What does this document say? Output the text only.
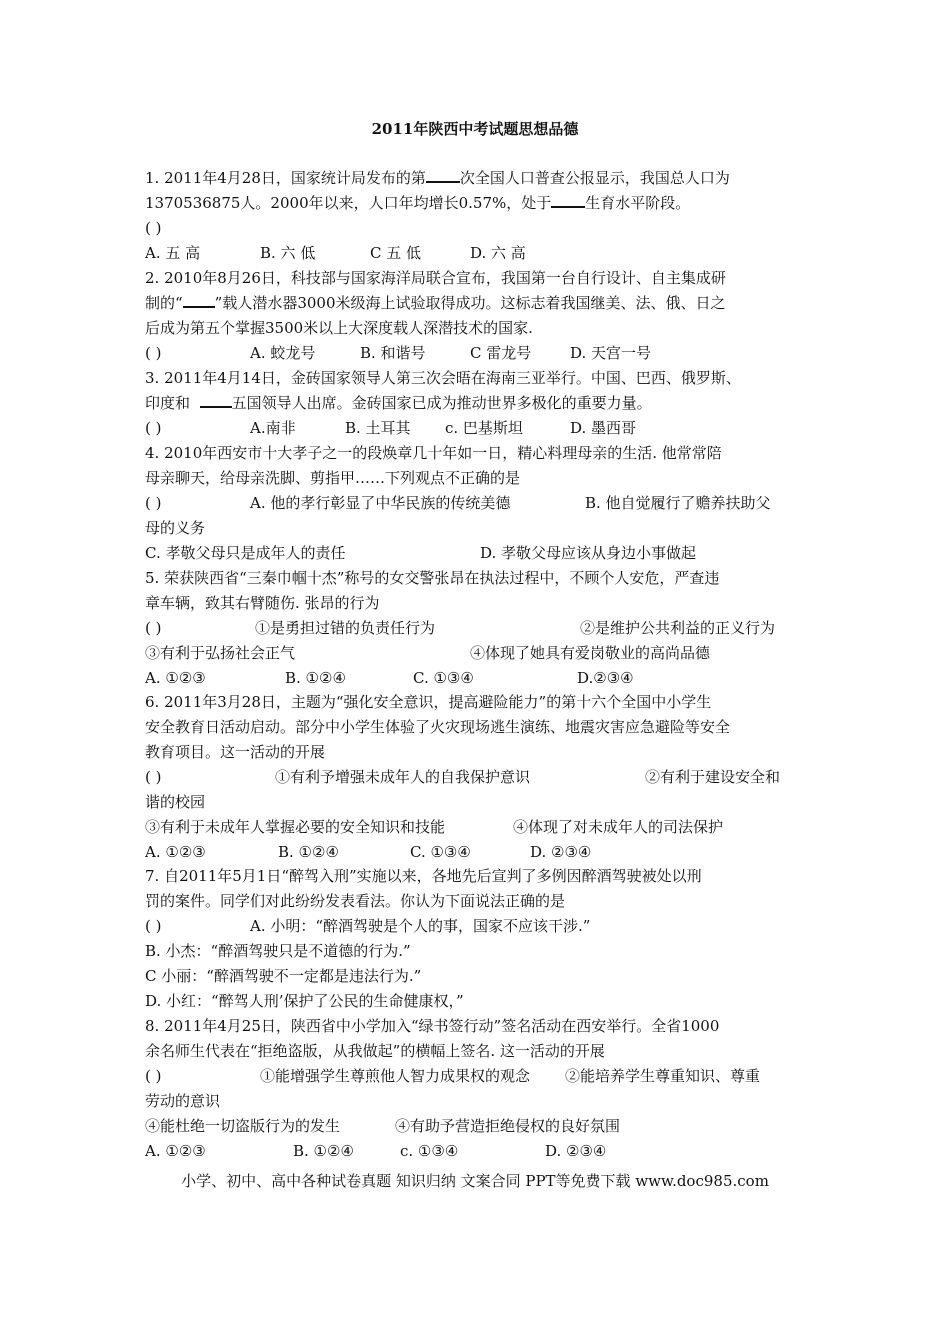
2011年陕西中考试题思想品德
1. 2011年4月28日，国家统计局发布的第 次全国人口普查公报显示，我国总人口为
1370536875人。2000年以来，人口年均增长0.57%，处于 生育水平阶段。
( )
A. 五 高	B. 六 低	C 五 低	D. 六 高
2. 2010年8月26日，科技部与国家海洋局联合宣布，我国第一台自行设计、自主集成研
制的“ ”载人潜水器3000米级海上试验取得成功。这标志着我国继美、法、俄、日之
后成为第五个掌握3500米以上大深度载人深潜技术的国家.
( )	A. 蛟龙号	B. 和谐号	C 雷龙号	D. 天宫一号
3. 2011年4月14日，金砖国家领导人第三次会晤在海南三亚举行。中国、巴西、俄罗斯、
印度和	五国领导人出席。金砖国家已成为推动世界多极化的重要力量。
( )	A.南非	B. 土耳其 c. 巴基斯坦	D. 墨西哥
4. 2010年西安市十大孝子之一的段焕章几十年如一日，精心料理母亲的生活. 他常常陪
母亲聊天，给母亲洗脚、剪指甲……下列观点不正确的是
( )	A. 他的孝行彰显了中华民族的传统美德	B. 他自觉履行了赡养扶助父
母的义务
C. 孝敬父母只是成年人的责任	D. 孝敬父母应该从身边小事做起
5. 荣获陕西省“三秦巾帼十杰”称号的女交警张昂在执法过程中，不顾个人安危，严查违
章车辆，致其右臂随伤. 张昂的行为
( )	①是勇担过错的负责任行为	②是维护公共利益的正义行为
③有利于弘扬社会正气	④体现了她具有爱岗敬业的高尚品德
A. ①②③	B. ①②④	C. ①③④	D.②③④
6. 2011年3月28日，主题为“强化安全意识，提高避险能力”的第十六个全国中小学生
安全教育日活动启动。部分中小学生体验了火灾现场逃生演练、地震灾害应急避险等安全
教育项目。这一活动的开展
( )	①有利予增强未成年人的自我保护意识	②有利于建设安全和
谐的校园
③有利于未成年人掌握必要的安全知识和技能	④体现了对未成年人的司法保护
A. ①②③	B. ①②④	C. ①③④	D. ②③④
7. 自2011年5月1日“醉驾入刑”实施以来，各地先后宣判了多例因醉酒驾驶被处以刑
罚的案件。同学们对此纷纷发表看法。你认为下面说法正确的是
( )	A. 小明：“醉酒驾驶是个人的事，国家不应该干涉.”
B. 小杰：“醉酒驾驶只是不道德的行为.”
C 小丽：“醉酒驾驶不一定都是违法行为.”
D. 小红：“醉驾人刑’保护了公民的生命健康权，”
8. 2011年4月25日，陕西省中小学加入“绿书签行动”签名活动在西安举行。全省1000
余名师生代表在“拒绝盗版，从我做起”的横幅上签名. 这一活动的开展
( )	①能增强学生尊煎他人智力成果权的观念 ②能培养学生尊重知识、尊重
劳动的意识
④能杜绝一切盗版行为的发生	④有助予营造拒绝侵权的良好氛围
A. ①②③	B. ①②④	c. ①③④	D. ②③④
小学、初中、高中各种试卷真题 知识归纳 文案合同 PPT等免费下载 www.doc985.com
